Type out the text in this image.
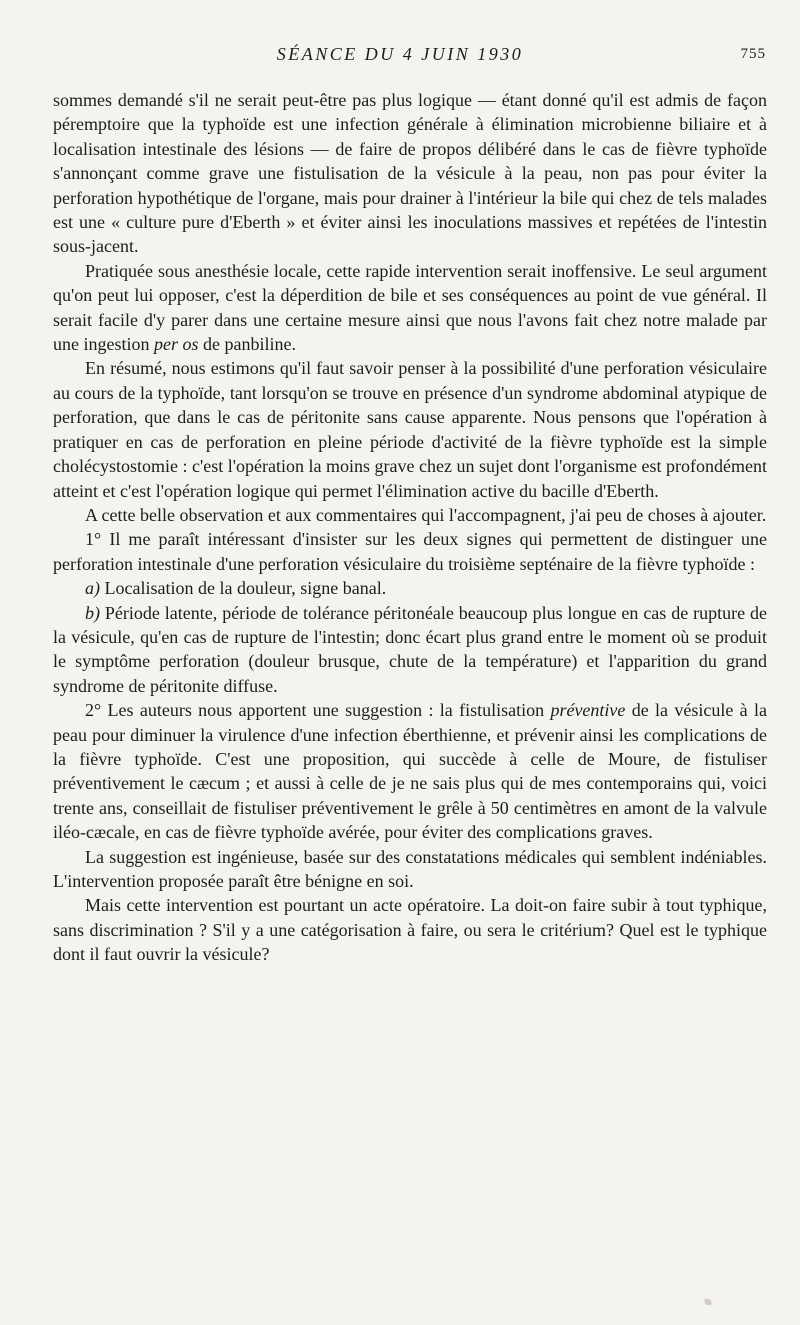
SÉANCE DU 4 JUIN 1930	755

sommes demandé s'il ne serait peut-être pas plus logique — étant donné qu'il est admis de façon péremptoire que la typhoïde est une infection générale à élimination microbienne biliaire et à localisation intestinale des lésions — de faire de propos délibéré dans le cas de fièvre typhoïde s'annonçant comme grave une fistulisation de la vésicule à la peau, non pas pour éviter la perforation hypothétique de l'organe, mais pour drainer à l'intérieur la bile qui chez de tels malades est une « culture pure d'Eberth » et éviter ainsi les inoculations massives et repétées de l'intestin sous-jacent.

Pratiquée sous anesthésie locale, cette rapide intervention serait inoffensive. Le seul argument qu'on peut lui opposer, c'est la déperdition de bile et ses conséquences au point de vue général. Il serait facile d'y parer dans une certaine mesure ainsi que nous l'avons fait chez notre malade par une ingestion per os de panbiline.

En résumé, nous estimons qu'il faut savoir penser à la possibilité d'une perforation vésiculaire au cours de la typhoïde, tant lorsqu'on se trouve en présence d'un syndrome abdominal atypique de perforation, que dans le cas de péritonite sans cause apparente. Nous pensons que l'opération à pratiquer en cas de perforation en pleine période d'activité de la fièvre typhoïde est la simple cholécystostomie : c'est l'opération la moins grave chez un sujet dont l'organisme est profondément atteint et c'est l'opération logique qui permet l'élimination active du bacille d'Eberth.

A cette belle observation et aux commentaires qui l'accompagnent, j'ai peu de choses à ajouter.

1° Il me paraît intéressant d'insister sur les deux signes qui permettent de distinguer une perforation intestinale d'une perforation vésiculaire du troisième septénaire de la fièvre typhoïde :

a) Localisation de la douleur, signe banal.

b) Période latente, période de tolérance péritonéale beaucoup plus longue en cas de rupture de la vésicule, qu'en cas de rupture de l'intestin; donc écart plus grand entre le moment où se produit le symptôme perforation (douleur brusque, chute de la température) et l'apparition du grand syndrome de péritonite diffuse.

2° Les auteurs nous apportent une suggestion : la fistulisation préventive de la vésicule à la peau pour diminuer la virulence d'une infection éberthienne, et prévenir ainsi les complications de la fièvre typhoïde. C'est une proposition, qui succède à celle de Moure, de fistuliser préventivement le cæcum ; et aussi à celle de je ne sais plus qui de mes contemporains qui, voici trente ans, conseillait de fistuliser préventivement le grêle à 50 centimètres en amont de la valvule iléo-cæcale, en cas de fièvre typhoïde avérée, pour éviter des complications graves.

La suggestion est ingénieuse, basée sur des constatations médicales qui semblent indéniables. L'intervention proposée paraît être bénigne en soi.

Mais cette intervention est pourtant un acte opératoire. La doit-on faire subir à tout typhique, sans discrimination ? S'il y a une catégorisation à faire, ou sera le critérium? Quel est le typhique dont il faut ouvrir la vésicule?
